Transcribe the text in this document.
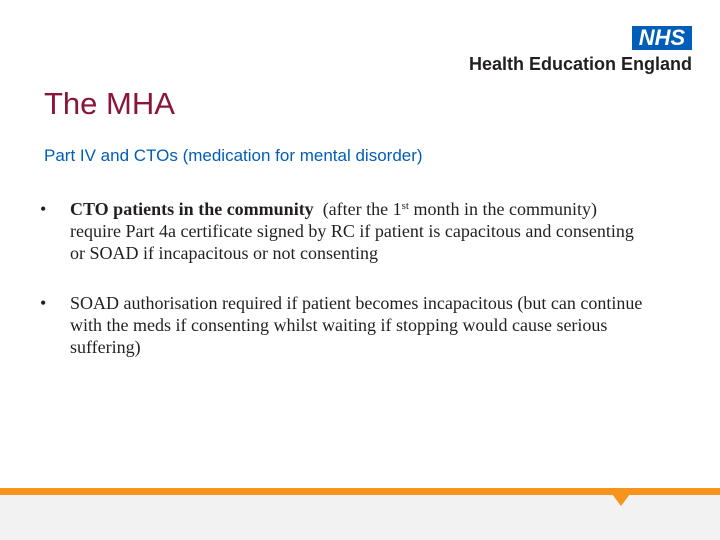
NHS
Health Education England
The MHA
Part IV and CTOs (medication for mental disorder)
• CTO patients in the community  (after the 1st month in the community) require Part 4a certificate signed by RC if patient is capacitous and consenting or SOAD if incapacitous or not consenting
• SOAD authorisation required if patient becomes incapacitous (but can continue with the meds if consenting whilst waiting if stopping would cause serious suffering)
